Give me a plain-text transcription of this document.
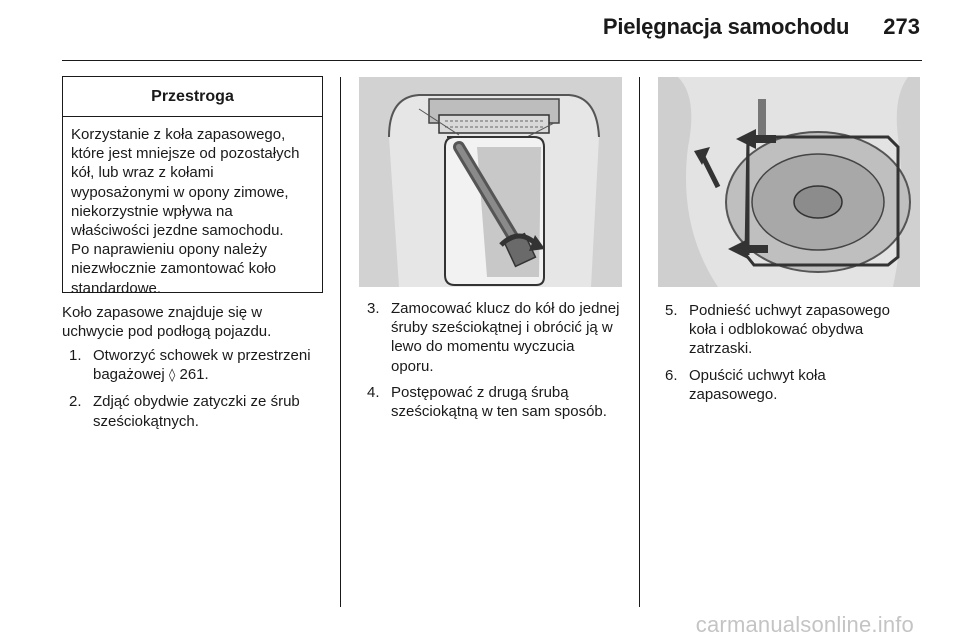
Pielęgnacja samochodu 273
Przestroga
Korzystanie z koła zapasowego,
które jest mniejsze od pozostałych
kół, lub wraz z kołami
wyposażonymi w opony zimowe,
niekorzystnie wpływa na
właściwości jezdne samochodu.
Po naprawieniu opony należy
niezwłocznie zamontować koło
standardowe.
Koło zapasowe znajduje się w
uchwycie pod podłogą pojazdu.
1. Otworzyć schowek w przestrzeni
bagażowej ◊ 261.
2. Zdjąć obydwie zatyczki ze śrub
sześciokątnych.
3. Zamocować klucz do kół do jednej
śruby sześciokątnej i obrócić ją w
lewo do momentu wyczucia
oporu.
4. Postępować z drugą śrubą
sześciokątną w ten sam sposób.
5. Podnieść uchwyt zapasowego
koła i odblokować obydwa
zatrzaski.
6. Opuścić uchwyt koła
zapasowego.
carmanualsonline.info
